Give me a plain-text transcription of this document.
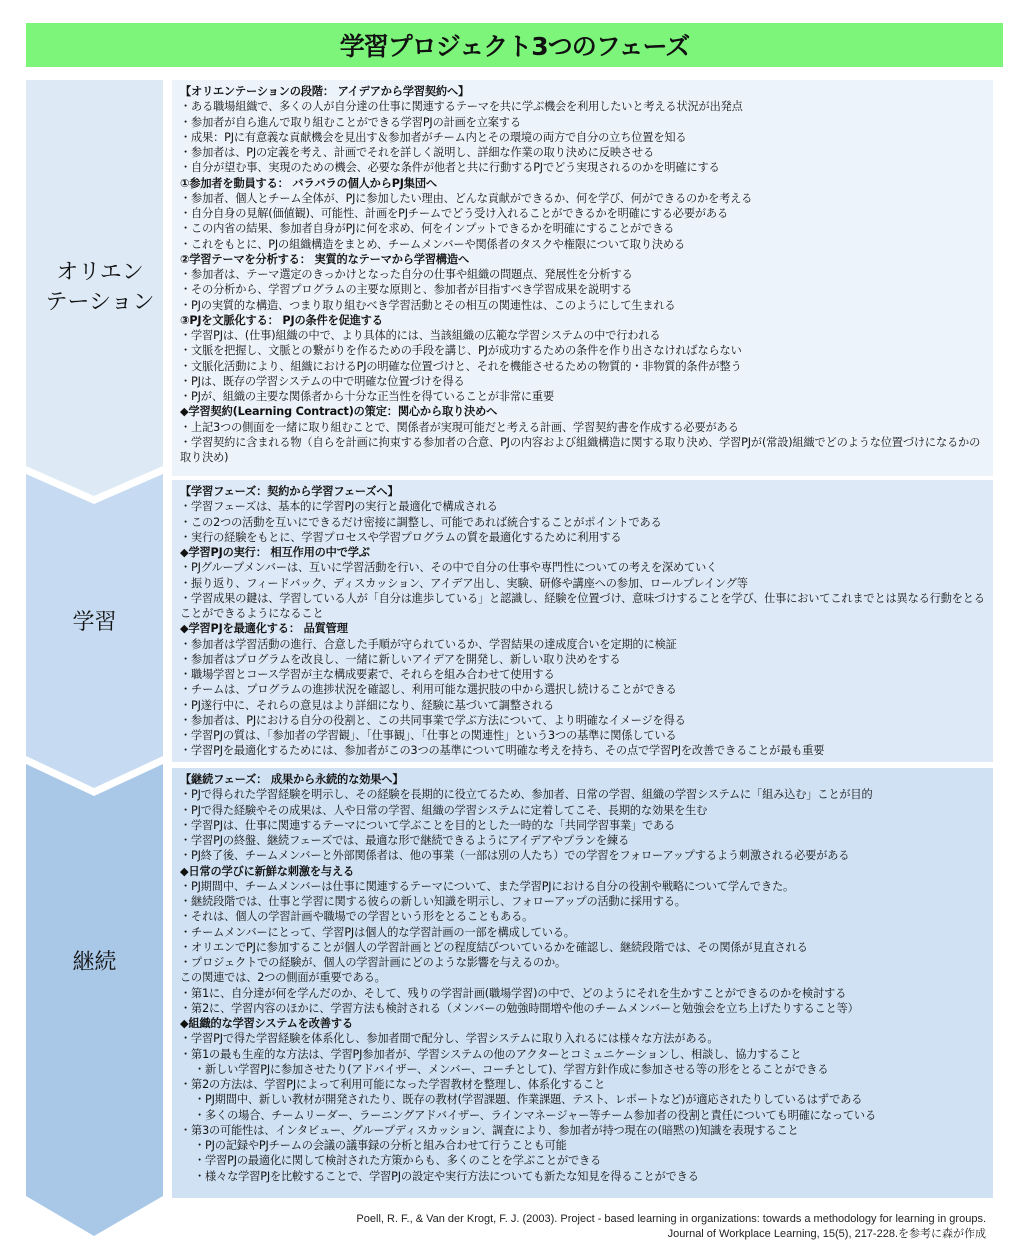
学習プロジェクト3つのフェーズ
オリエン
テーション
学習
継続
【オリエンテーションの段階： アイデアから学習契約へ】
・ある職場組織で、多くの人が自分達の仕事に関連するテーマを共に学ぶ機会を利用したいと考える状況が出発点
・参加者が自ら進んで取り組むことができる学習PJの計画を立案する
・成果：PJに有意義な貢献機会を見出す＆参加者がチーム内とその環境の両方で自分の立ち位置を知る
・参加者は、PJの定義を考え、計画でそれを詳しく説明し、詳細な作業の取り決めに反映させる
・自分が望む事、実現のための機会、必要な条件が他者と共に行動するPJでどう実現されるのかを明確にする
①参加者を動員する： バラバラの個人からPJ集団へ
・参加者、個人とチーム全体が、PJに参加したい理由、どんな貢献ができるか、何を学び、何ができるのかを考える
・自分自身の見解(価値観)、可能性、計画をPJチームでどう受け入れることができるかを明確にする必要がある
・この内省の結果、参加者自身がPJに何を求め、何をインプットできるかを明確にすることができる
・これをもとに、PJの組織構造をまとめ、チームメンバーや関係者のタスクや権限について取り決める
②学習テーマを分析する： 実質的なテーマから学習構造へ
・参加者は、テーマ選定のきっかけとなった自分の仕事や組織の問題点、発展性を分析する
・その分析から、学習プログラムの主要な原則と、参加者が目指すべき学習成果を説明する
・PJの実質的な構造、つまり取り組むべき学習活動とその相互の関連性は、このようにして生まれる
③PJを文脈化する： PJの条件を促進する
・学習PJは、(仕事)組織の中で、より具体的には、当該組織の広範な学習システムの中で行われる
・文脈を把握し、文脈との繋がりを作るための手段を講じ、PJが成功するための条件を作り出さなければならない
・文脈化活動により、組織におけるPJの明確な位置づけと、それを機能させるための物質的・非物質的条件が整う
・PJは、既存の学習システムの中で明確な位置づけを得る
・PJが、組織の主要な関係者から十分な正当性を得ていることが非常に重要
◆学習契約(Learning Contract)の策定：関心から取り決めへ
・上記3つの側面を一緒に取り組むことで、関係者が実現可能だと考える計画、学習契約書を作成する必要がある
・学習契約に含まれる物（自らを計画に拘束する参加者の合意、PJの内容および組織構造に関する取り決め、学習PJが(常設)組織でどのような位置づけになるかの取り決め)
【学習フェーズ：契約から学習フェーズへ】
・学習フェーズは、基本的に学習PJの実行と最適化で構成される
・この2つの活動を互いにできるだけ密接に調整し、可能であれば統合することがポイントである
・実行の経験をもとに、学習プロセスや学習プログラムの質を最適化するために利用する
◆学習PJの実行： 相互作用の中で学ぶ
・PJグループメンバーは、互いに学習活動を行い、その中で自分の仕事や専門性についての考えを深めていく
・振り返り、フィードバック、ディスカッション、アイデア出し、実験、研修や講座への参加、ロールプレイング等
・学習成果の鍵は、学習している人が「自分は進歩している」と認識し、経験を位置づけ、意味づけすることを学び、仕事においてこれまでとは異なる行動をとることができるようになること
◆学習PJを最適化する： 品質管理
・参加者は学習活動の進行、合意した手順が守られているか、学習結果の達成度合いを定期的に検証
・参加者はプログラムを改良し、一緒に新しいアイデアを開発し、新しい取り決めをする
・職場学習とコース学習が主な構成要素で、それらを組み合わせて使用する
・チームは、プログラムの進捗状況を確認し、利用可能な選択肢の中から選択し続けることができる
・PJ遂行中に、それらの意見はより詳細になり、経験に基づいて調整される
・参加者は、PJにおける自分の役割と、この共同事業で学ぶ方法について、より明確なイメージを得る
・学習PJの質は、「参加者の学習観」、「仕事観」、「仕事との関連性」という3つの基準に関係している
・学習PJを最適化するためには、参加者がこの3つの基準について明確な考えを持ち、その点で学習PJを改善できることが最も重要
【継続フェーズ： 成果から永続的な効果へ】
・PJで得られた学習経験を明示し、その経験を長期的に役立てるため、参加者、日常の学習、組織の学習システムに「組み込む」ことが目的
・PJで得た経験やその成果は、人や日常の学習、組織の学習システムに定着してこそ、長期的な効果を生む
・学習PJは、仕事に関連するテーマについて学ぶことを目的とした一時的な「共同学習事業」である
・学習PJの終盤、継続フェーズでは、最適な形で継続できるようにアイデアやプランを練る
・PJ終了後、チームメンバーと外部関係者は、他の事業（一部は別の人たち）での学習をフォローアップするよう刺激される必要がある
◆日常の学びに新鮮な刺激を与える
・PJ期間中、チームメンバーは仕事に関連するテーマについて、また学習PJにおける自分の役割や戦略について学んできた。
・継続段階では、仕事と学習に関する彼らの新しい知識を明示し、フォローアップの活動に採用する。
・それは、個人の学習計画や職場での学習という形をとることもある。
・チームメンバーにとって、学習PJは個人的な学習計画の一部を構成している。
・オリエンでPJに参加することが個人の学習計画とどの程度結びついているかを確認し、継続段階では、その関係が見直される
・プロジェクトでの経験が、個人の学習計画にどのような影響を与えるのか。
この関連では、2つの側面が重要である。
・第1に、自分達が何を学んだのか、そして、残りの学習計画(職場学習)の中で、どのようにそれを生かすことができるのかを検討する
・第2に、学習内容のほかに、学習方法も検討される（メンバーの勉強時間増や他のチームメンバーと勉強会を立ち上げたりすること等）
◆組織的な学習システムを改善する
・学習PJで得た学習経験を体系化し、参加者間で配分し、学習システムに取り入れるには様々な方法がある。
・第1の最も生産的な方法は、学習PJ参加者が、学習システムの他のアクターとコミュニケーションし、相談し、協力すること
・新しい学習PJに参加させたり(アドバイザー、メンバー、コーチとして)、学習方針作成に参加させる等の形をとることができる
・第2の方法は、学習PJによって利用可能になった学習教材を整理し、体系化すること
・PJ期間中、新しい教材が開発されたり、既存の教材(学習課題、作業課題、テスト、レポートなど)が適応されたりしているはずである
・多くの場合、チームリーダー、ラーニングアドバイザー、ラインマネージャー等チーム参加者の役割と責任についても明確になっている
・第3の可能性は、インタビュー、グループディスカッション、調査により、参加者が持つ現在の(暗黙の)知識を表現すること
・PJの記録やPJチームの会議の議事録の分析と組み合わせて行うことも可能
・学習PJの最適化に関して検討された方策からも、多くのことを学ぶことができる
・様々な学習PJを比較することで、学習PJの設定や実行方法についても新たな知見を得ることができる
Poell, R. F., & Van der Krogt, F. J. (2003). Project - based learning in organizations: towards a methodology for learning in groups.
Journal of Workplace Learning, 15(5), 217-228.を参考に森が作成
